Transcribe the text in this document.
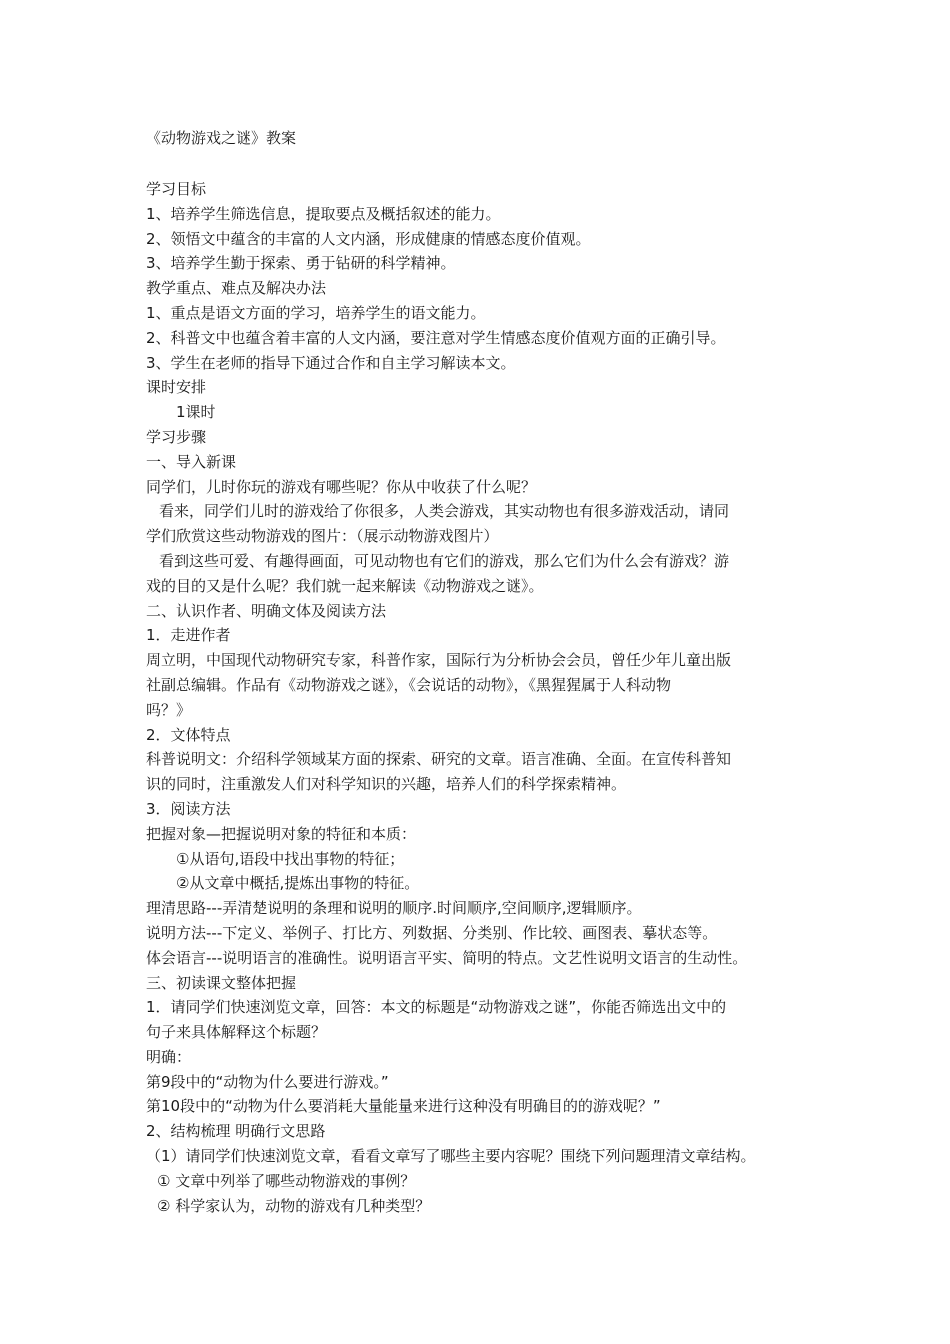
《动物游戏之谜》教案
学习目标
1、培养学生筛选信息，提取要点及概括叙述的能力。
2、领悟文中蕴含的丰富的人文内涵，形成健康的情感态度价值观。
3、培养学生勤于探索、勇于钻研的科学精神。
教学重点、难点及解决办法
1、重点是语文方面的学习，培养学生的语文能力。
2、科普文中也蕴含着丰富的人文内涵，要注意对学生情感态度价值观方面的正确引导。
3、学生在老师的指导下通过合作和自主学习解读本文。
课时安排
1课时
学习步骤
一、导入新课
同学们，儿时你玩的游戏有哪些呢？你从中收获了什么呢？
看来，同学们儿时的游戏给了你很多，人类会游戏，其实动物也有很多游戏活动，请同
学们欣赏这些动物游戏的图片：（展示动物游戏图片）
看到这些可爱、有趣得画面，可见动物也有它们的游戏，那么它们为什么会有游戏？游
戏的目的又是什么呢？我们就一起来解读《动物游戏之谜》。
二、认识作者、明确文体及阅读方法
1．走进作者
周立明，中国现代动物研究专家，科普作家，国际行为分析协会会员，曾任少年儿童出版
社副总编辑。作品有《动物游戏之谜》，《会说话的动物》，《黑猩猩属于人科动物
吗？》
2．文体特点
科普说明文：介绍科学领域某方面的探索、研究的文章。语言准确、全面。在宣传科普知
识的同时，注重激发人们对科学知识的兴趣，培养人们的科学探索精神。
3．阅读方法
把握对象—把握说明对象的特征和本质：
①从语句,语段中找出事物的特征；
②从文章中概括,提炼出事物的特征。
理清思路---弄清楚说明的条理和说明的顺序.时间顺序,空间顺序,逻辑顺序。
说明方法---下定义、举例子、打比方、列数据、分类别、作比较、画图表、摹状态等。
体会语言---说明语言的准确性。说明语言平实、简明的特点。文艺性说明文语言的生动性。
三、初读课文整体把握
1．请同学们快速浏览文章，回答：本文的标题是“动物游戏之谜”，你能否筛选出文中的
句子来具体解释这个标题？
明确：
第9段中的“动物为什么要进行游戏。”
第10段中的“动物为什么要消耗大量能量来进行这种没有明确目的的游戏呢？”
2、结构梳理 明确行文思路
（1）请同学们快速浏览文章，看看文章写了哪些主要内容呢？围绕下列问题理清文章结构。
① 文章中列举了哪些动物游戏的事例？
② 科学家认为，动物的游戏有几种类型？
